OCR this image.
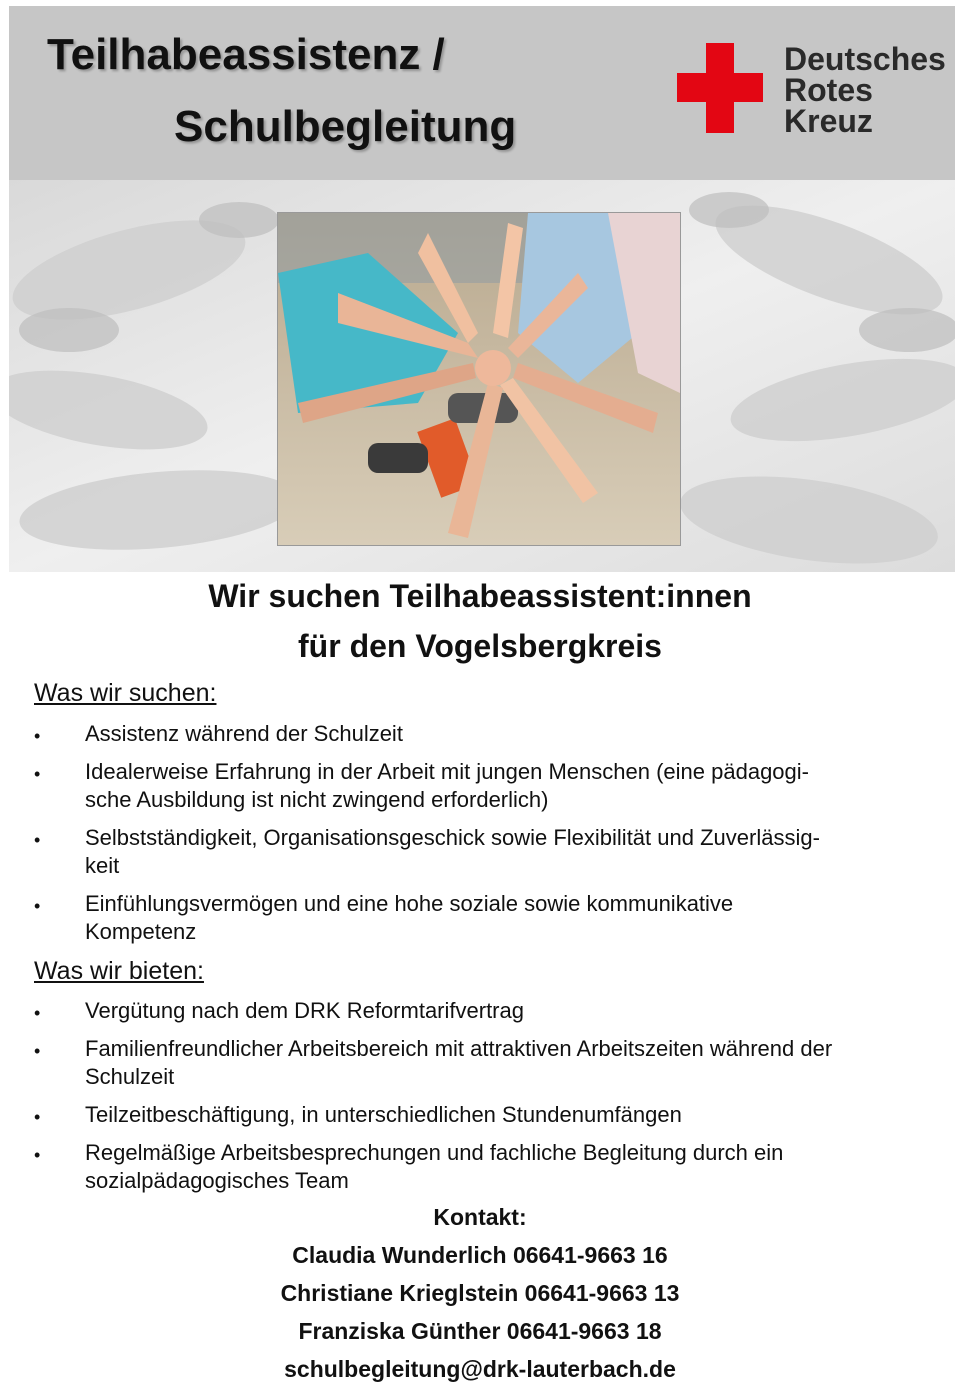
Teilhabeassistenz /
Schulbegleitung
Deutsches
Rotes
Kreuz
Wir suchen Teilhabeassistent:innen
für den Vogelsbergkreis
Was wir suchen:
• Assistenz während der Schulzeit
• Idealerweise Erfahrung in der Arbeit mit jungen Menschen (eine pädagogi-
sche Ausbildung ist nicht zwingend erforderlich)
• Selbstständigkeit, Organisationsgeschick sowie Flexibilität und Zuverlässig-
keit
• Einfühlungsvermögen und eine hohe soziale sowie kommunikative
Kompetenz
Was wir bieten:
• Vergütung nach dem DRK Reformtarifvertrag
• Familienfreundlicher Arbeitsbereich mit attraktiven Arbeitszeiten während der
Schulzeit
• Teilzeitbeschäftigung, in unterschiedlichen Stundenumfängen
• Regelmäßige Arbeitsbesprechungen und fachliche Begleitung durch ein
sozialpädagogisches Team
Kontakt:
Claudia Wunderlich 06641-9663 16
Christiane Krieglstein 06641-9663 13
Franziska Günther 06641-9663 18
schulbegleitung@drk-lauterbach.de
